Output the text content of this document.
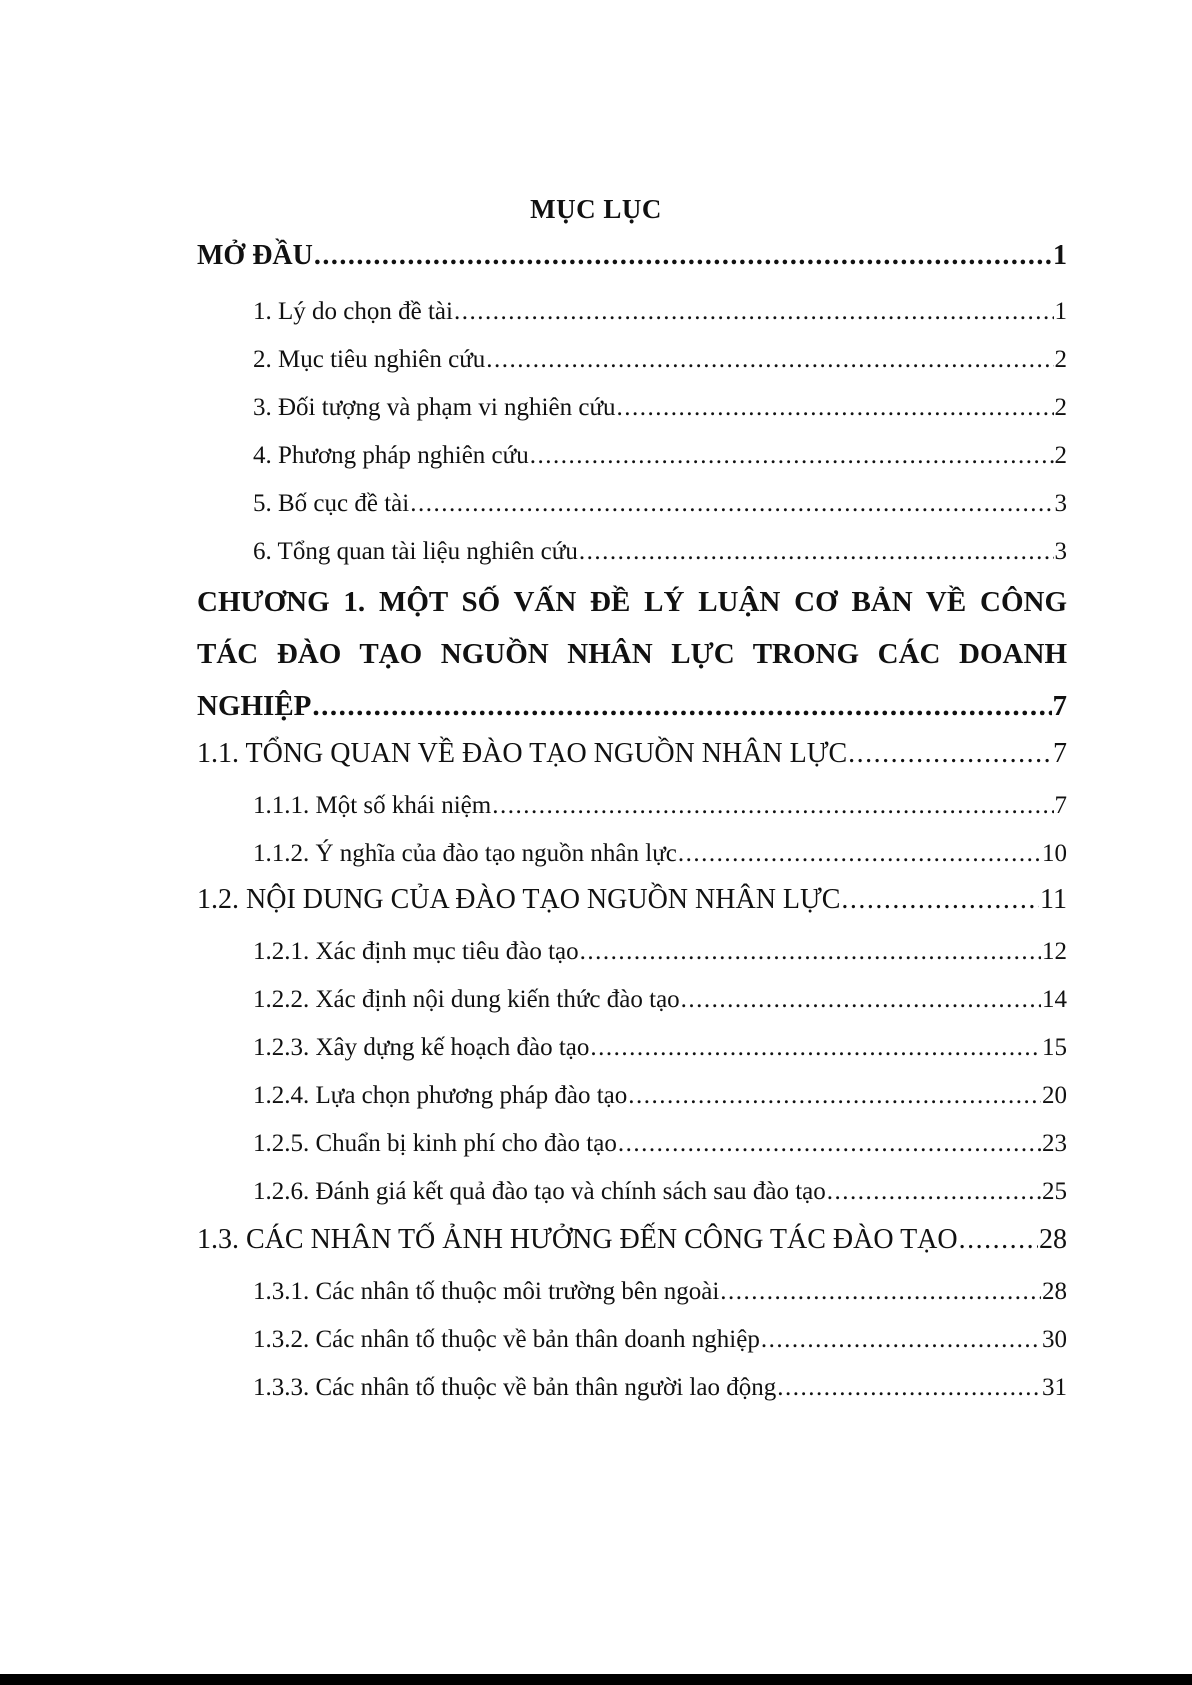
MỤC LỤC
MỞ ĐẦU .....	1
1. Lý do chọn đề tài .....	1
2. Mục tiêu nghiên cứu .....	2
3. Đối tượng và phạm vi nghiên cứu .....	2
4. Phương pháp nghiên cứu .....	2
5. Bố cục đề tài .....	3
6. Tổng quan tài liệu nghiên cứu .....	3
CHƯƠNG 1. MỘT SỐ VẤN ĐỀ LÝ LUẬN CƠ BẢN VỀ CÔNG
TÁC ĐÀO TẠO NGUỒN NHÂN LỰC TRONG CÁC DOANH
NGHIỆP .....	7
1.1. TỔNG QUAN VỀ ĐÀO TẠO NGUỒN NHÂN LỰC .....	7
1.1.1. Một số khái niệm .....	7
1.1.2. Ý nghĩa của đào tạo nguồn nhân lực .....	10
1.2. NỘI DUNG CỦA ĐÀO TẠO NGUỒN NHÂN LỰC .....	11
1.2.1. Xác định mục tiêu đào tạo .....	12
1.2.2. Xác định nội dung kiến thức đào tạo .....	14
1.2.3. Xây dựng kế hoạch đào tạo .....	15
1.2.4. Lựa chọn phương pháp đào tạo .....	20
1.2.5. Chuẩn bị kinh phí cho đào tạo .....	23
1.2.6. Đánh giá kết quả đào tạo và chính sách sau đào tạo .....	25
1.3. CÁC NHÂN TỐ ẢNH HƯỞNG ĐẾN CÔNG TÁC ĐÀO TẠO .....	28
1.3.1. Các nhân tố thuộc môi trường bên ngoài .....	28
1.3.2. Các nhân tố thuộc về bản thân doanh nghiệp .....	30
1.3.3. Các nhân tố thuộc về bản thân người lao động .....	31
